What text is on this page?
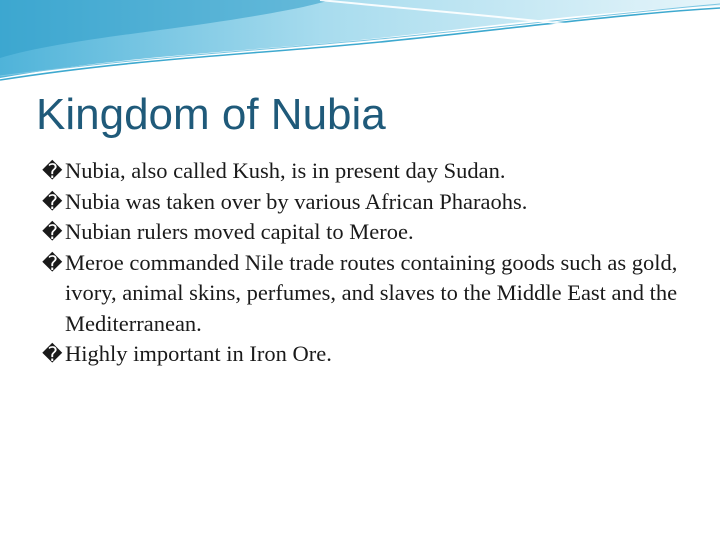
Kingdom of Nubia
� Nubia, also called Kush, is in present day Sudan.
� Nubia was taken over by various African Pharaohs.
� Nubian rulers moved capital to Meroe.
� Meroe commanded Nile trade routes containing goods such as gold, ivory, animal skins, perfumes, and slaves to the Middle East and the Mediterranean.
� Highly important in Iron Ore.
